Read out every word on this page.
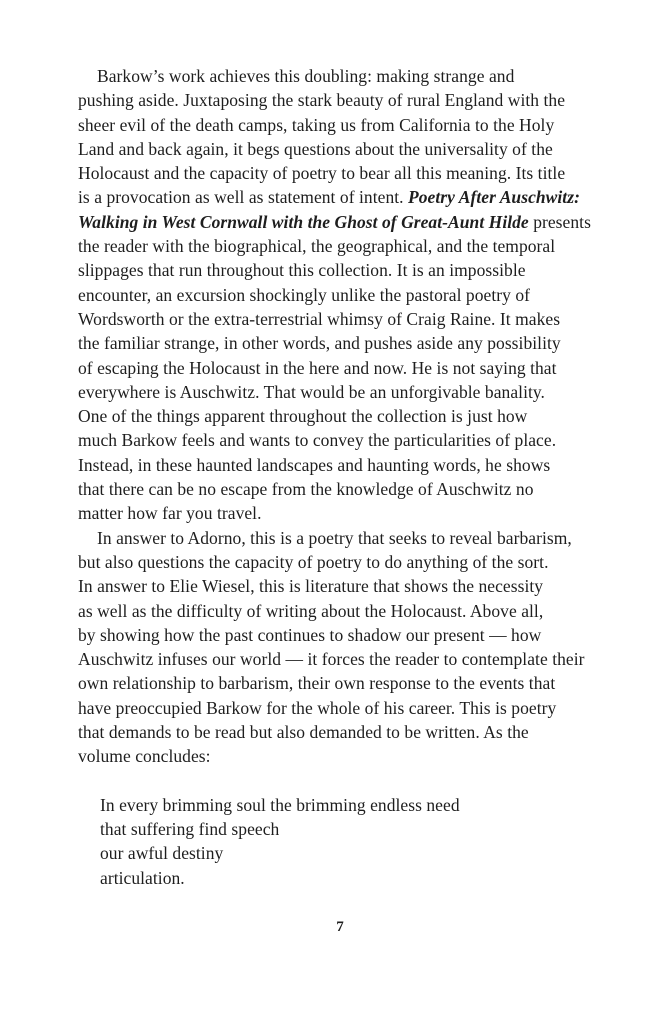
Barkow’s work achieves this doubling: making strange and
pushing aside. Juxtaposing the stark beauty of rural England with the
sheer evil of the death camps, taking us from California to the Holy
Land and back again, it begs questions about the universality of the
Holocaust and the capacity of poetry to bear all this meaning. Its title
is a provocation as well as statement of intent. Poetry After Auschwitz:
Walking in West Cornwall with the Ghost of Great-Aunt Hilde presents
the reader with the biographical, the geographical, and the temporal
slippages that run throughout this collection. It is an impossible
encounter, an excursion shockingly unlike the pastoral poetry of
Wordsworth or the extra-terrestrial whimsy of Craig Raine. It makes
the familiar strange, in other words, and pushes aside any possibility
of escaping the Holocaust in the here and now. He is not saying that
everywhere is Auschwitz. That would be an unforgivable banality.
One of the things apparent throughout the collection is just how
much Barkow feels and wants to convey the particularities of place.
Instead, in these haunted landscapes and haunting words, he shows
that there can be no escape from the knowledge of Auschwitz no
matter how far you travel.
In answer to Adorno, this is a poetry that seeks to reveal barbarism,
but also questions the capacity of poetry to do anything of the sort.
In answer to Elie Wiesel, this is literature that shows the necessity
as well as the difficulty of writing about the Holocaust. Above all,
by showing how the past continues to shadow our present — how
Auschwitz infuses our world — it forces the reader to contemplate their
own relationship to barbarism, their own response to the events that
have preoccupied Barkow for the whole of his career. This is poetry
that demands to be read but also demanded to be written. As the
volume concludes:
In every brimming soul the brimming endless need
that suffering find speech
our awful destiny
articulation.
7
